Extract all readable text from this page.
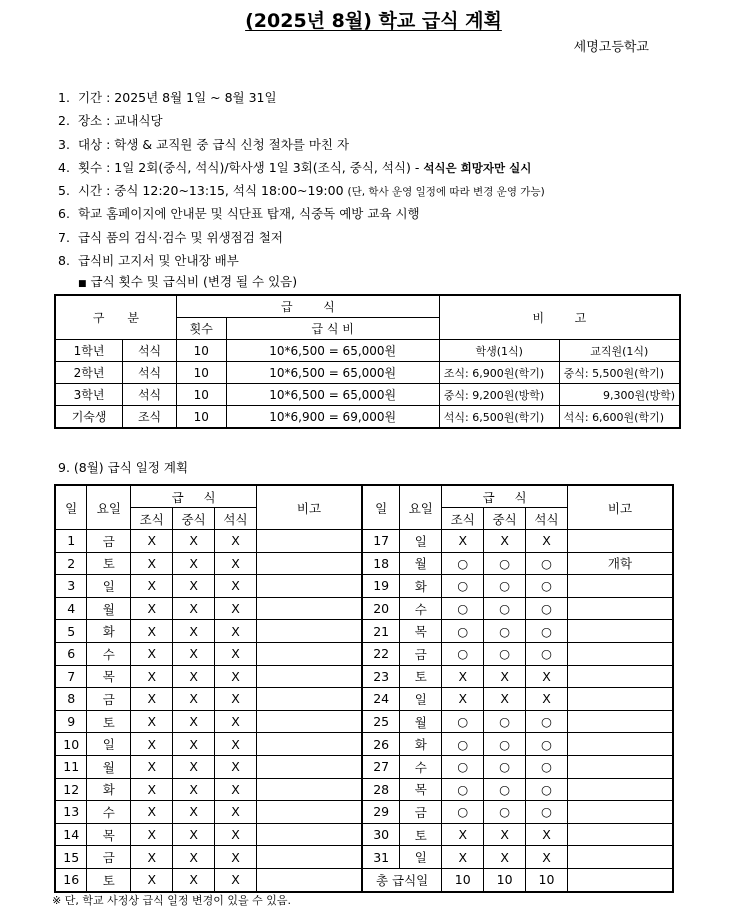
(2025년 8월) 학교 급식 계획
세명고등학교
1. 기간 : 2025년 8월 1일 ~ 8월 31일
2. 장소 : 교내식당
3. 대상 : 학생 & 교직원 중 급식 신청 절차를 마친 자
4. 횟수 : 1일 2회(중식, 석식)/학사생 1일 3회(조식, 중식, 석식) - 석식은 희망자만 실시
5. 시간 : 중식 12:20~13:15, 석식 18:00~19:00 (단, 학사 운영 일정에 따라 변경 운영 가능)
6. 학교 홈페이지에 안내문 및 식단표 탑재, 식중독 예방 교육 시행
7. 급식 품의 검식·검수 및 위생점검 철저
8. 급식비 고지서 및 안내장 배부
■ 급식 횟수 및 급식비 (변경 될 수 있음)
구      분		급        식		비        고	
		횟수	급 식 비		
1학년	석식	10	10*6,500 = 65,000원	학생(1식)	교직원(1식)
2학년	석식	10	10*6,500 = 65,000원	조식: 6,900원(학기)	중식: 5,500원(학기)
3학년	석식	10	10*6,500 = 65,000원	중식: 9,200원(방학)	9,300원(방학)
기숙생	조식	10	10*6,900 = 69,000원	석식: 6,500원(학기)	석식: 6,600원(학기)
9. (8월) 급식 일정 계획
일	요일	급     식			비고	일	요일	급     식			비고
		조식	중식	석식				조식	중식	석식	
1	금	X	X	X		17	일	X	X	X	
2	토	X	X	X		18	월	○	○	○	개학
3	일	X	X	X		19	화	○	○	○	
4	월	X	X	X		20	수	○	○	○	
5	화	X	X	X		21	목	○	○	○	
6	수	X	X	X		22	금	○	○	○	
7	목	X	X	X		23	토	X	X	X	
8	금	X	X	X		24	일	X	X	X	
9	토	X	X	X		25	월	○	○	○	
10	일	X	X	X		26	화	○	○	○	
11	월	X	X	X		27	수	○	○	○	
12	화	X	X	X		28	목	○	○	○	
13	수	X	X	X		29	금	○	○	○	
14	목	X	X	X		30	토	X	X	X	
15	금	X	X	X		31	일	X	X	X	
16	토	X	X	X		총 급식일		10	10	10	
※ 단, 학교 사정상 급식 일정 변경이 있을 수 있음.
